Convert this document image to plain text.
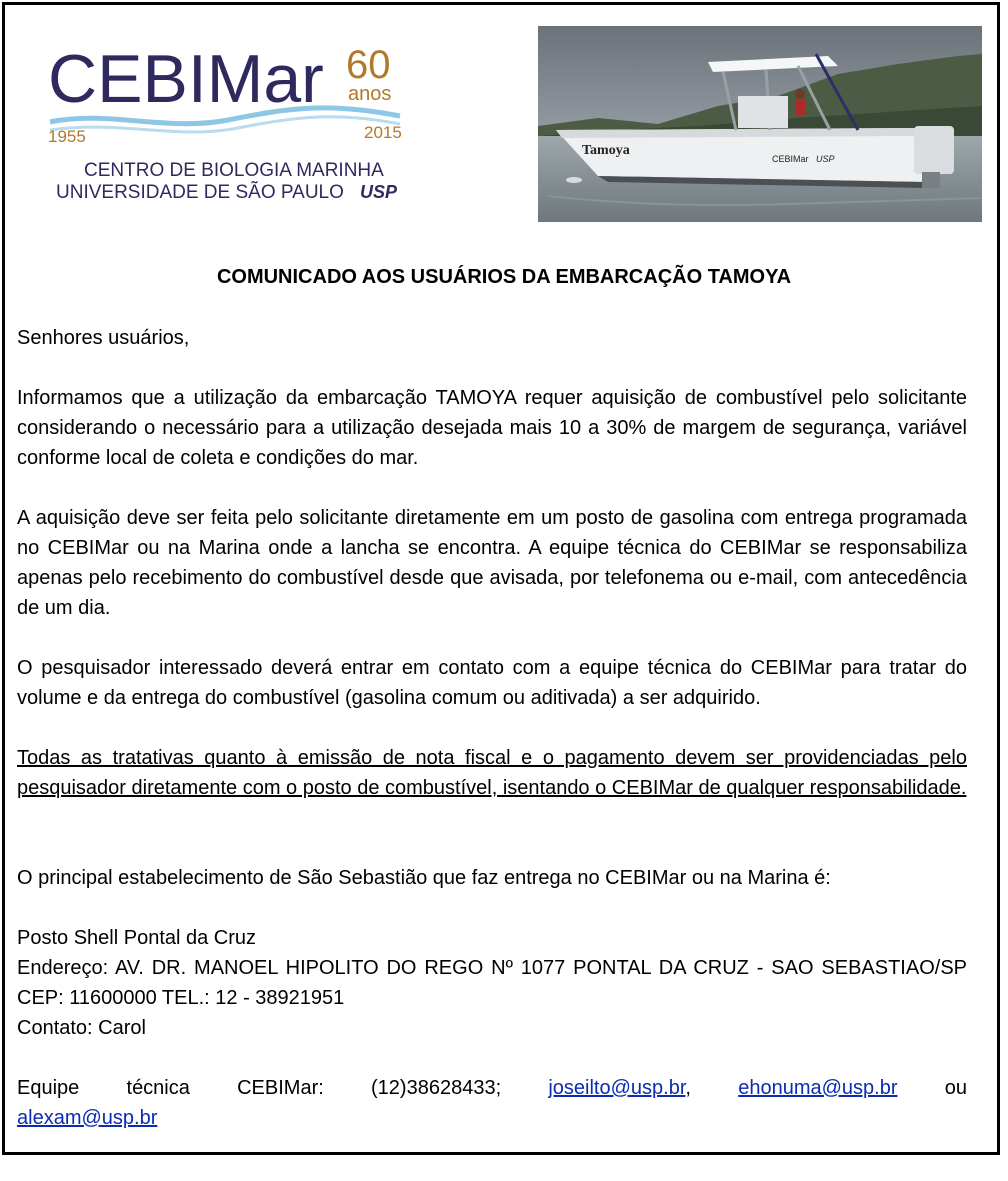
CEBIMar 60
anos
1955	2015
CENTRO DE BIOLOGIA MARINHA
UNIVERSIDADE DE SÃO PAULO USP
Tamoya
CEBIMar USP
COMUNICADO AOS USUÁRIOS DA EMBARCAÇÃO TAMOYA

Senhores usuários,

Informamos que a utilização da embarcação TAMOYA requer aquisição de combustível pelo solicitante considerando o necessário para a utilização desejada mais 10 a 30% de margem de segurança, variável conforme local de coleta e condições do mar.

A aquisição deve ser feita pelo solicitante diretamente em um posto de gasolina com entrega programada no CEBIMar ou na Marina onde a lancha se encontra. A equipe técnica do CEBIMar se responsabiliza apenas pelo recebimento do combustível desde que avisada, por telefonema ou e-mail, com antecedência de um dia.

O pesquisador interessado deverá entrar em contato com a equipe técnica do CEBIMar para tratar do volume e da entrega do combustível (gasolina comum ou aditivada) a ser adquirido.

Todas as tratativas quanto à emissão de nota fiscal e o pagamento devem ser providenciadas pelo pesquisador diretamente com o posto de combustível, isentando o CEBIMar de qualquer responsabilidade.

O principal estabelecimento de São Sebastião que faz entrega no CEBIMar ou na Marina é:

Posto Shell Pontal da Cruz

Endereço: AV. DR. MANOEL HIPOLITO DO REGO Nº 1077 PONTAL DA CRUZ - SAO SEBASTIAO/SP CEP: 11600000 TEL.: 12 - 38921951

Contato: Carol

Equipe técnica CEBIMar: (12)38628433; joseilto@usp.br, ehonuma@usp.br ou

alexam@usp.br
